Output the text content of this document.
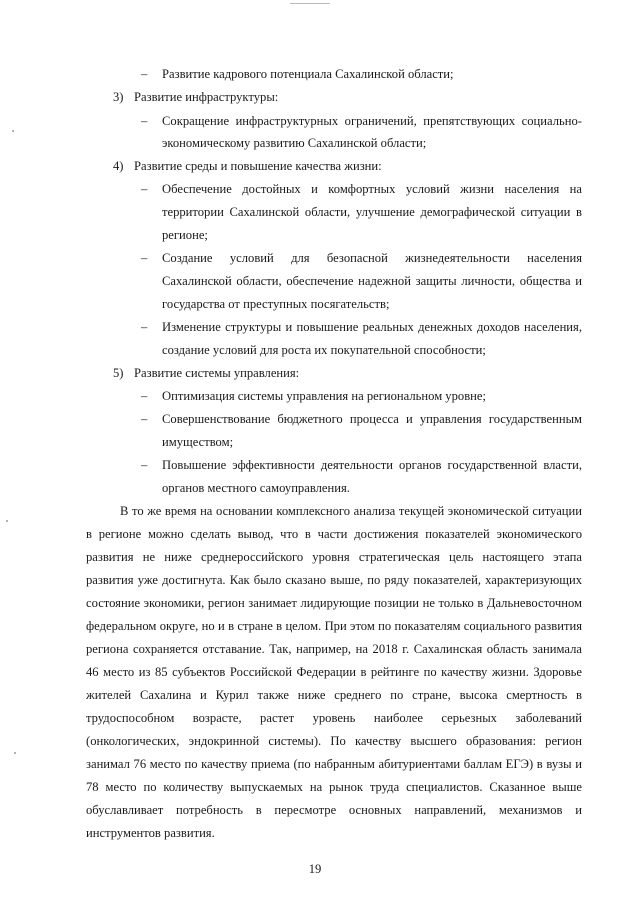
– Развитие кадрового потенциала Сахалинской области;
3) Развитие инфраструктуры:
– Сокращение инфраструктурных ограничений, препятствующих социально-
экономическому развитию Сахалинской области;
4) Развитие среды и повышение качества жизни:
– Обеспечение достойных и комфортных условий жизни населения на
территории Сахалинской области, улучшение демографической ситуации в
регионе;
– Создание условий для безопасной жизнедеятельности населения
Сахалинской области, обеспечение надежной защиты личности, общества и
государства от преступных посягательств;
– Изменение структуры и повышение реальных денежных доходов населения,
создание условий для роста их покупательной способности;
5) Развитие системы управления:
– Оптимизация системы управления на региональном уровне;
– Совершенствование бюджетного процесса и управления государственным
имуществом;
– Повышение эффективности деятельности органов государственной власти,
органов местного самоуправления.
В то же время на основании комплексного анализа текущей экономической ситуации
в регионе можно сделать вывод, что в части достижения показателей экономического
развития не ниже среднероссийского уровня стратегическая цель настоящего этапа
развития уже достигнута. Как было сказано выше, по ряду показателей, характеризующих
состояние экономики, регион занимает лидирующие позиции не только в Дальневосточном
федеральном округе, но и в стране в целом. При этом по показателям социального развития
региона сохраняется отставание. Так, например, на 2018 г. Сахалинская область занимала
46 место из 85 субъектов Российской Федерации в рейтинге по качеству жизни. Здоровье
жителей Сахалина и Курил также ниже среднего по стране, высока смертность в
трудоспособном возрасте, растет уровень наиболее серьезных заболеваний
(онкологических, эндокринной системы). По качеству высшего образования: регион
занимал 76 место по качеству приема (по набранным абитуриентами баллам ЕГЭ) в вузы и
78 место по количеству выпускаемых на рынок труда специалистов. Сказанное выше
обуславливает потребность в пересмотре основных направлений, механизмов и
инструментов развития.
19
